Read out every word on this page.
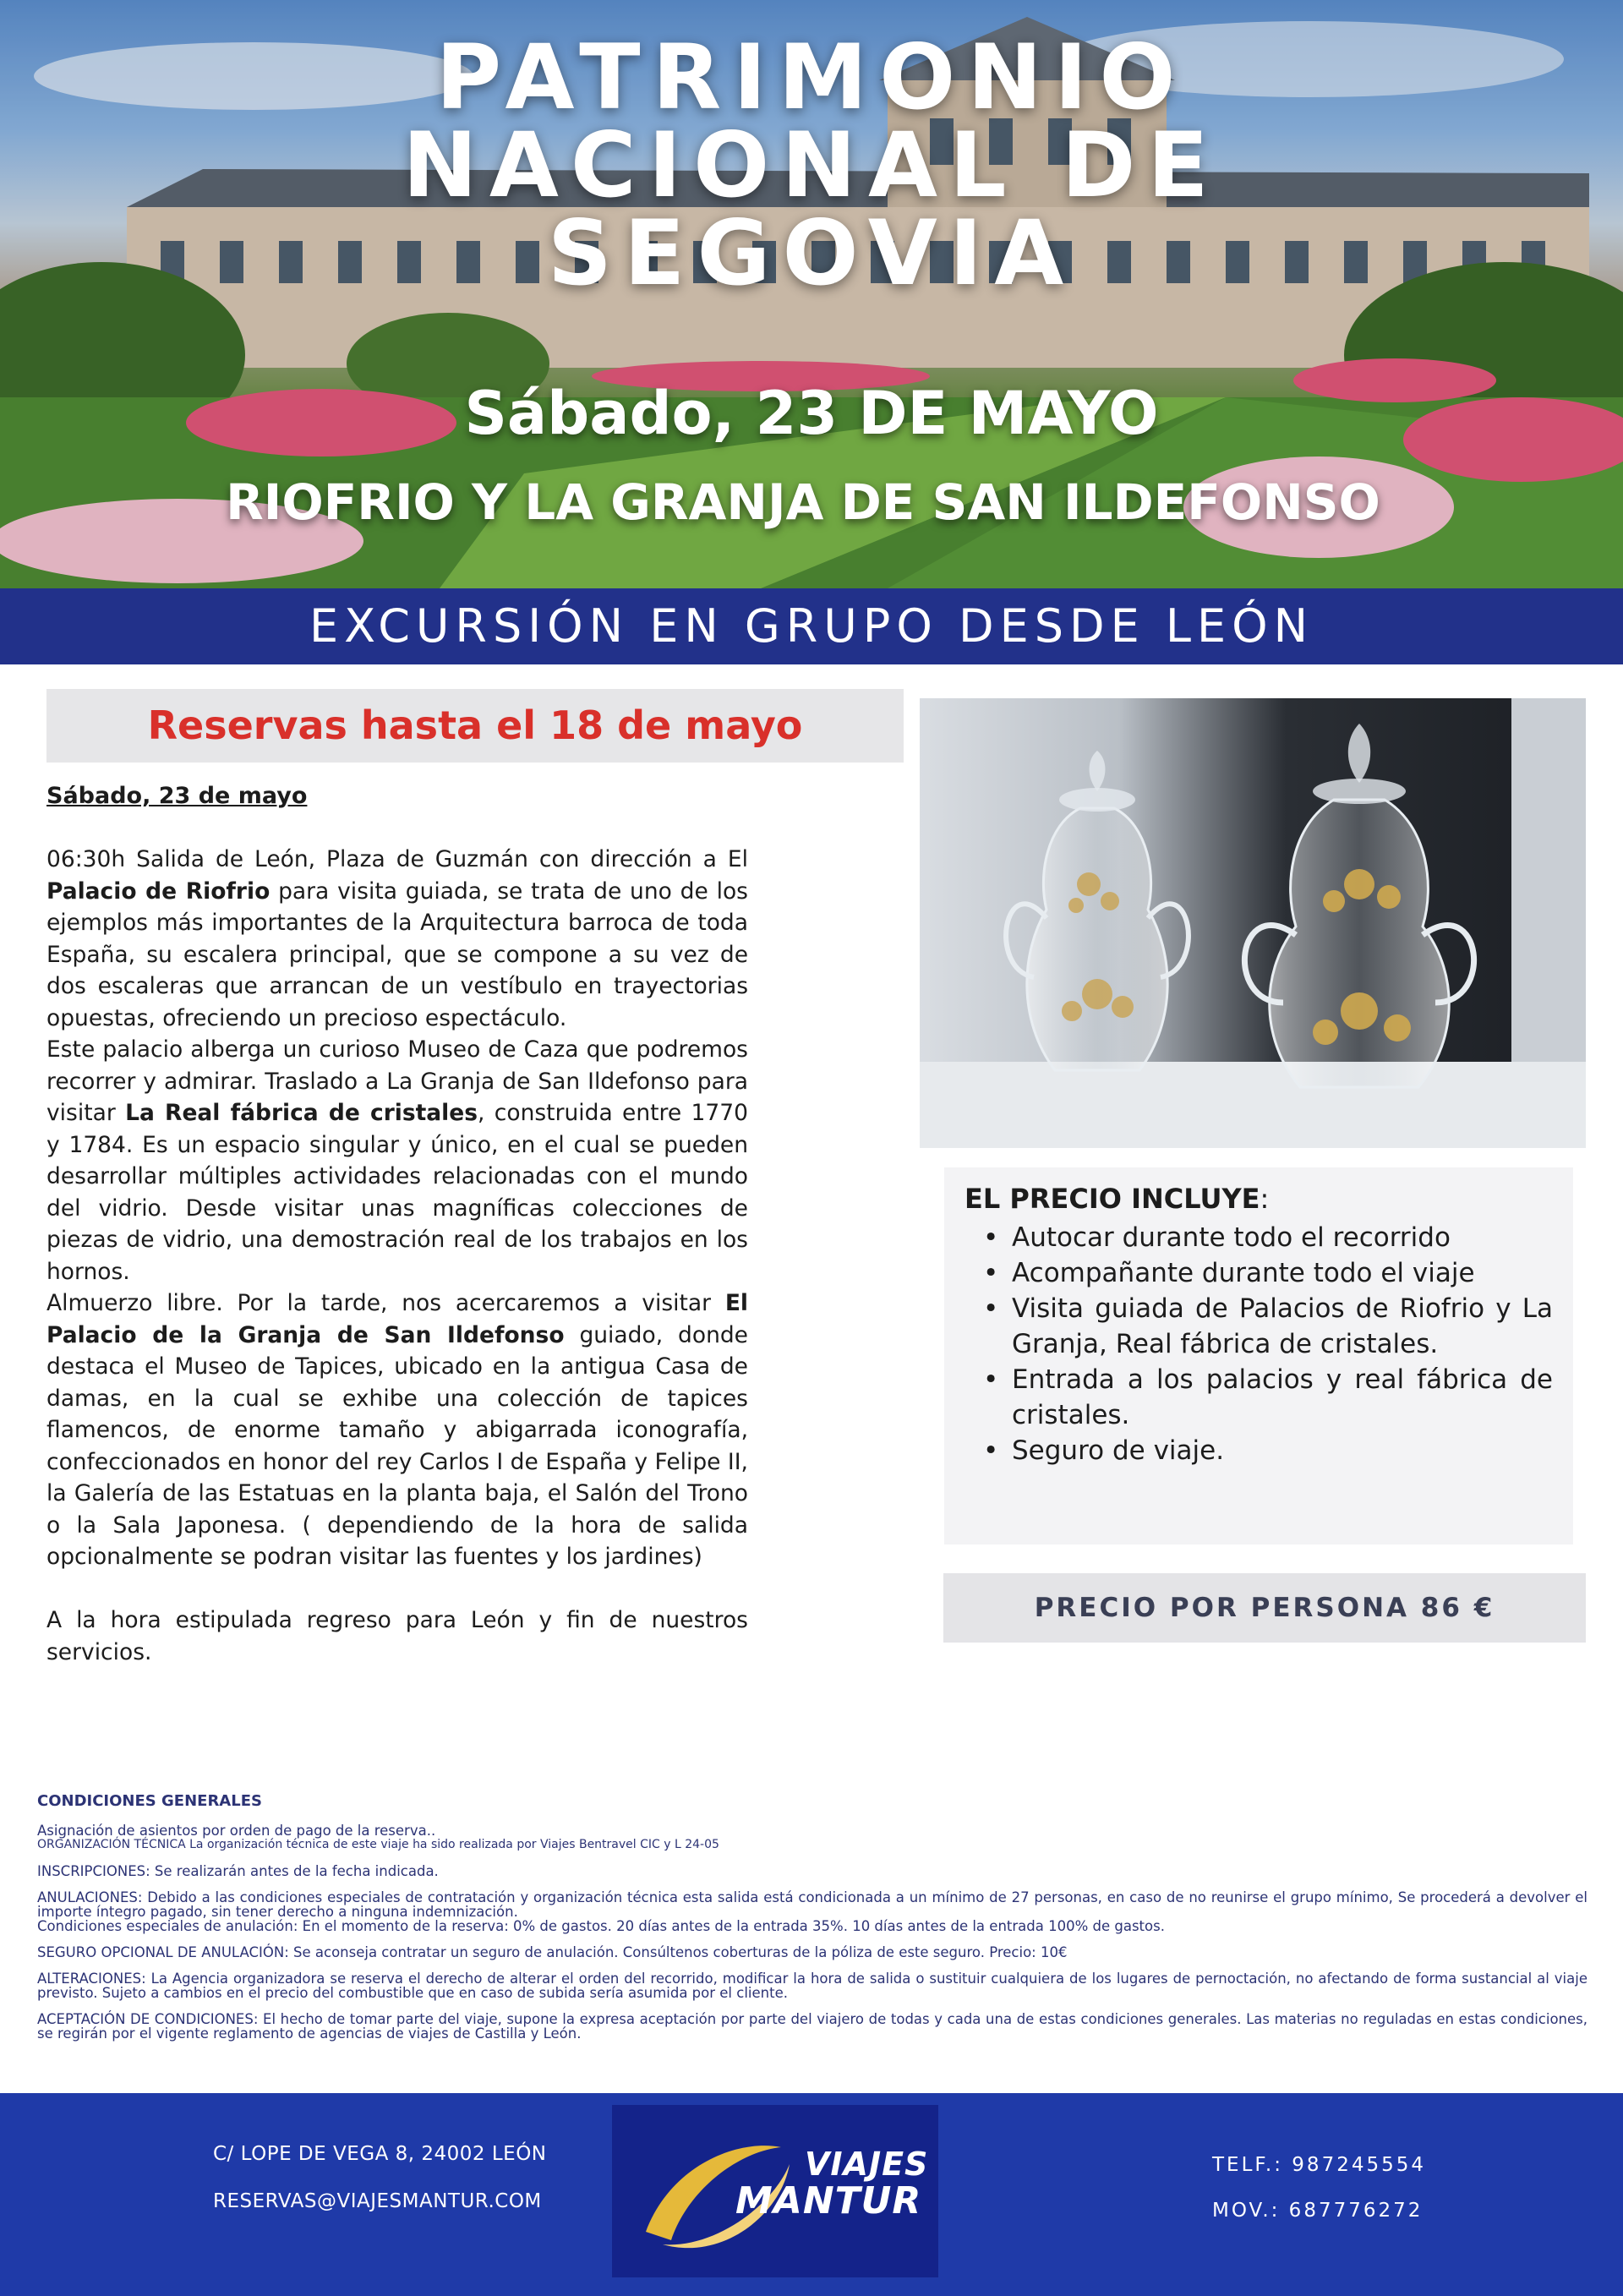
PATRIMONIO
NACIONAL DE
SEGOVIA
Sábado, 23 DE MAYO
RIOFRIO Y LA GRANJA DE SAN ILDEFONSO
EXCURSIÓN EN GRUPO DESDE LEÓN
Reservas hasta el 18 de mayo
Sábado, 23 de mayo

06:30h Salida de León, Plaza de Guzmán con dirección a El Palacio de Riofrio para visita guiada, se trata de uno de los ejemplos más importantes de la Arquitectura barroca de toda España, su escalera principal, que se compone a su vez de dos escaleras que arrancan de un vestíbulo en trayectorias opuestas, ofreciendo un precioso espectáculo.

Este palacio alberga un curioso Museo de Caza que podremos recorrer y admirar. Traslado a La Granja de San Ildefonso para visitar La Real fábrica de cristales, construida entre 1770 y 1784. Es un espacio singular y único, en el cual se pueden desarrollar múltiples actividades relacionadas con el mundo del vidrio. Desde visitar unas magníficas colecciones de piezas de vidrio, una demostración real de los trabajos en los hornos.

Almuerzo libre. Por la tarde, nos acercaremos a visitar El Palacio de la Granja de San Ildefonso guiado, donde destaca el Museo de Tapices, ubicado en la antigua Casa de damas, en la cual se exhibe una colección de tapices flamencos, de enorme tamaño y abigarrada iconografía, confeccionados en honor del rey Carlos I de España y Felipe II, la Galería de las Estatuas en la planta baja, el Salón del Trono o la Sala Japonesa. ( dependiendo de la hora de salida opcionalmente se podran visitar las fuentes y los jardines)

A la hora estipulada regreso para León y fin de nuestros servicios.
EL PRECIO INCLUYE:
• Autocar durante todo el recorrido
• Acompañante durante todo el viaje
• Visita guiada de Palacios de Riofrio y La Granja, Real fábrica de cristales.
• Entrada a los palacios y real fábrica de cristales.
• Seguro de viaje.
PRECIO POR PERSONA 86 €
CONDICIONES GENERALES

Asignación de asientos por orden de pago de la reserva..

ORGANIZACIÓN TÉCNICA La organización técnica de este viaje ha sido realizada por Viajes Bentravel CIC y L 24-05

INSCRIPCIONES: Se realizarán antes de la fecha indicada.

ANULACIONES: Debido a las condiciones especiales de contratación y organización técnica esta salida está condicionada a un mínimo de 27 personas, en caso de no reunirse el grupo mínimo, Se procederá a devolver el importe íntegro pagado, sin tener derecho a ninguna indemnización.

Condiciones especiales de anulación: En el momento de la reserva: 0% de gastos. 20 días antes de la entrada 35%. 10 días antes de la entrada 100% de gastos.

SEGURO OPCIONAL DE ANULACIÓN: Se aconseja contratar un seguro de anulación. Consúltenos coberturas de la póliza de este seguro. Precio: 10€

ALTERACIONES: La Agencia organizadora se reserva el derecho de alterar el orden del recorrido, modificar la hora de salida o sustituir cualquiera de los lugares de pernoctación, no afectando de forma sustancial al viaje previsto. Sujeto a cambios en el precio del combustible que en caso de subida sería asumida por el cliente.

ACEPTACIÓN DE CONDICIONES: El hecho de tomar parte del viaje, supone la expresa aceptación por parte del viajero de todas y cada una de estas condiciones generales. Las materias no reguladas en estas condiciones, se regirán por el vigente reglamento de agencias de viajes de Castilla y León.

C/ LOPE DE VEGA 8, 24002 LEÓN
RESERVAS@VIAJESMANTUR.COM
VIAJES
MANTUR
TELF.: 987245554
MOV.: 687776272
